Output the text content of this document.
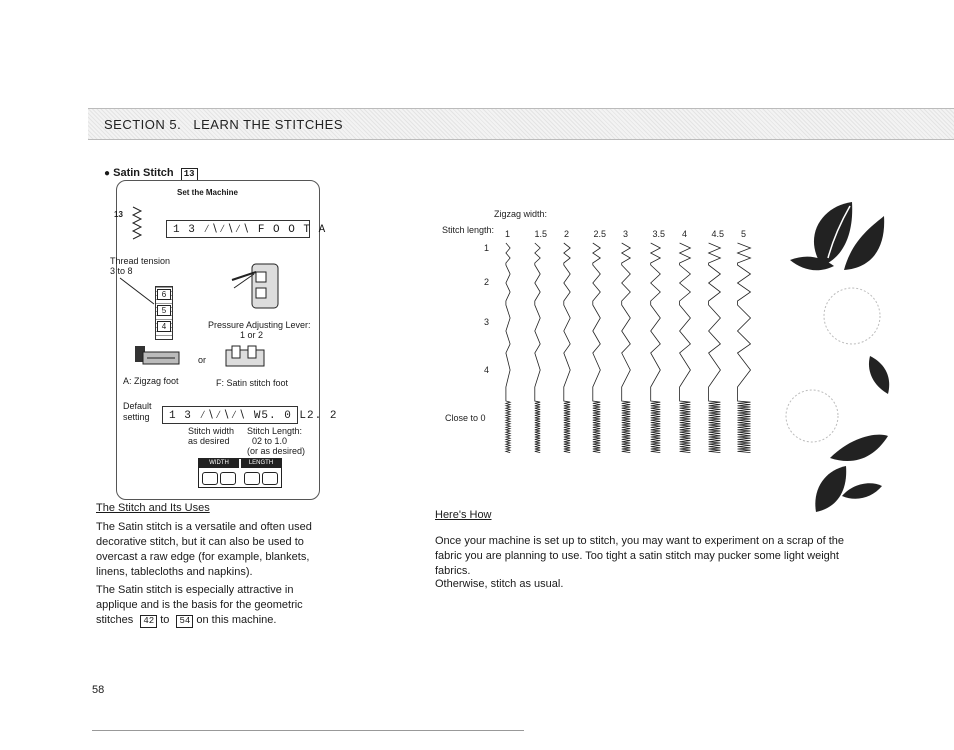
SECTION 5. LEARN THE STITCHES
● Satin Stitch 13
Set the Machine
13
1 3 ∕∖∕∖∕∖ F O O T A
Thread tension
3 to 8
6
5
4	Pressure Adjusting Lever:
1 or 2
or
A: Zigzag foot	F: Satin stitch foot
Default setting	1 3 ∕∖∕∖∕∖ W5. 0 L2. 2
Stitch width
as desired
Stitch Length:
02 to 1.0
(or as desired)
WIDTH	LENGTH
The Stitch and Its Uses
The Satin stitch is a versatile and often used decorative stitch, but it can also be used to overcast a raw edge (for example, blankets, linens, tablecloths and napkins).
The Satin stitch is especially attractive in applique and is the basis for the geometric stitches 42 to 54 on this machine.
Zigzag width:
Stitch length: 1	1.5 2	2.5 3	3.5 4	4.5 5
1
2
3
4
Close to 0
Here's How
Once your machine is set up to stitch, you may want to experiment on a scrap of the fabric you are planning to use. Too tight a satin stitch may pucker some light weight fabrics.
Otherwise, stitch as usual.
58
